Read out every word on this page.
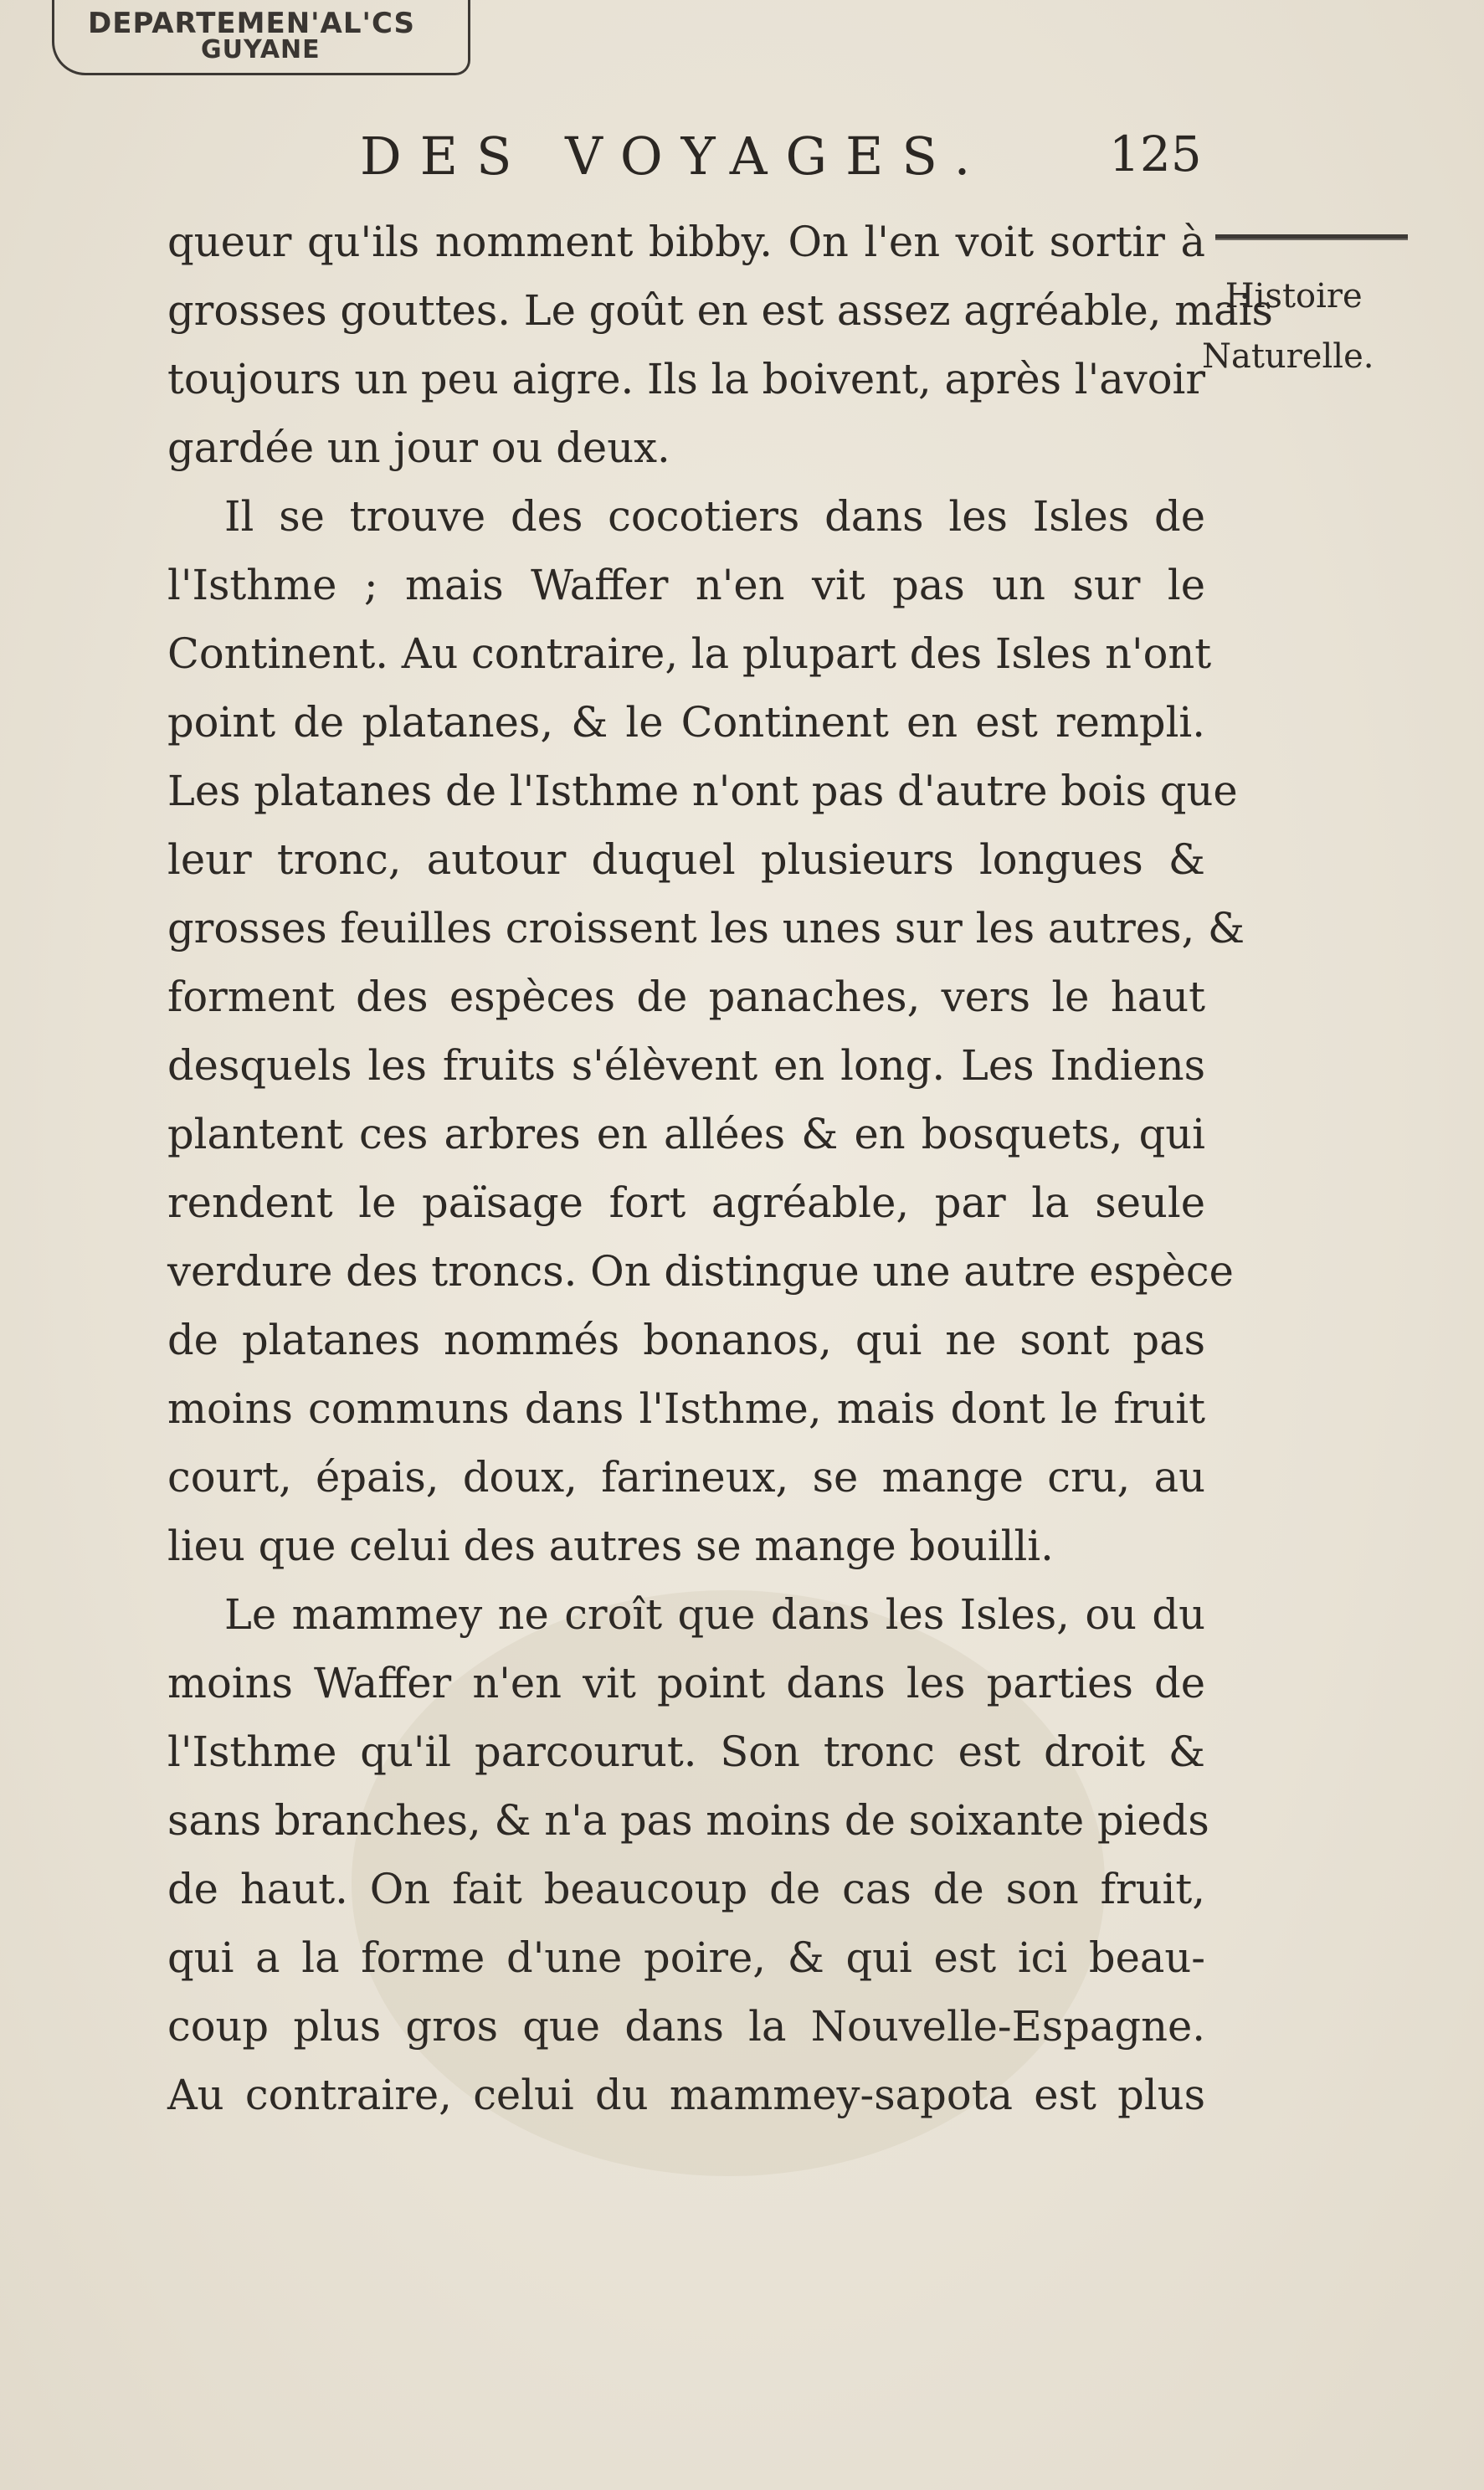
DEPARTEMEN'AL'CS
GUYANE
DES VOYAGES. 125
Histoire
Naturelle.
queur qu'ils nomment bibby. On l'en voit sortir à
grosses gouttes. Le goût en est assez agréable, mais
toujours un peu aigre. Ils la boivent, après l'avoir
gardée un jour ou deux.
Il se trouve des cocotiers dans les Isles de
l'Isthme ; mais Waffer n'en vit pas un sur le
Continent. Au contraire, la plupart des Isles n'ont
point de platanes, & le Continent en est rempli.
Les platanes de l'Isthme n'ont pas d'autre bois que
leur tronc, autour duquel plusieurs longues &
grosses feuilles croissent les unes sur les autres, &
forment des espèces de panaches, vers le haut
desquels les fruits s'élèvent en long. Les Indiens
plantent ces arbres en allées & en bosquets, qui
rendent le païsage fort agréable, par la seule
verdure des troncs. On distingue une autre espèce
de platanes nommés bonanos, qui ne sont pas
moins communs dans l'Isthme, mais dont le fruit
court, épais, doux, farineux, se mange cru, au
lieu que celui des autres se mange bouilli.
Le mammey ne croît que dans les Isles, ou du
moins Waffer n'en vit point dans les parties de
l'Isthme qu'il parcourut. Son tronc est droit &
sans branches, & n'a pas moins de soixante pieds
de haut. On fait beaucoup de cas de son fruit,
qui a la forme d'une poire, & qui est ici beau-
coup plus gros que dans la Nouvelle-Espagne.
Au contraire, celui du mammey-sapota est plus
